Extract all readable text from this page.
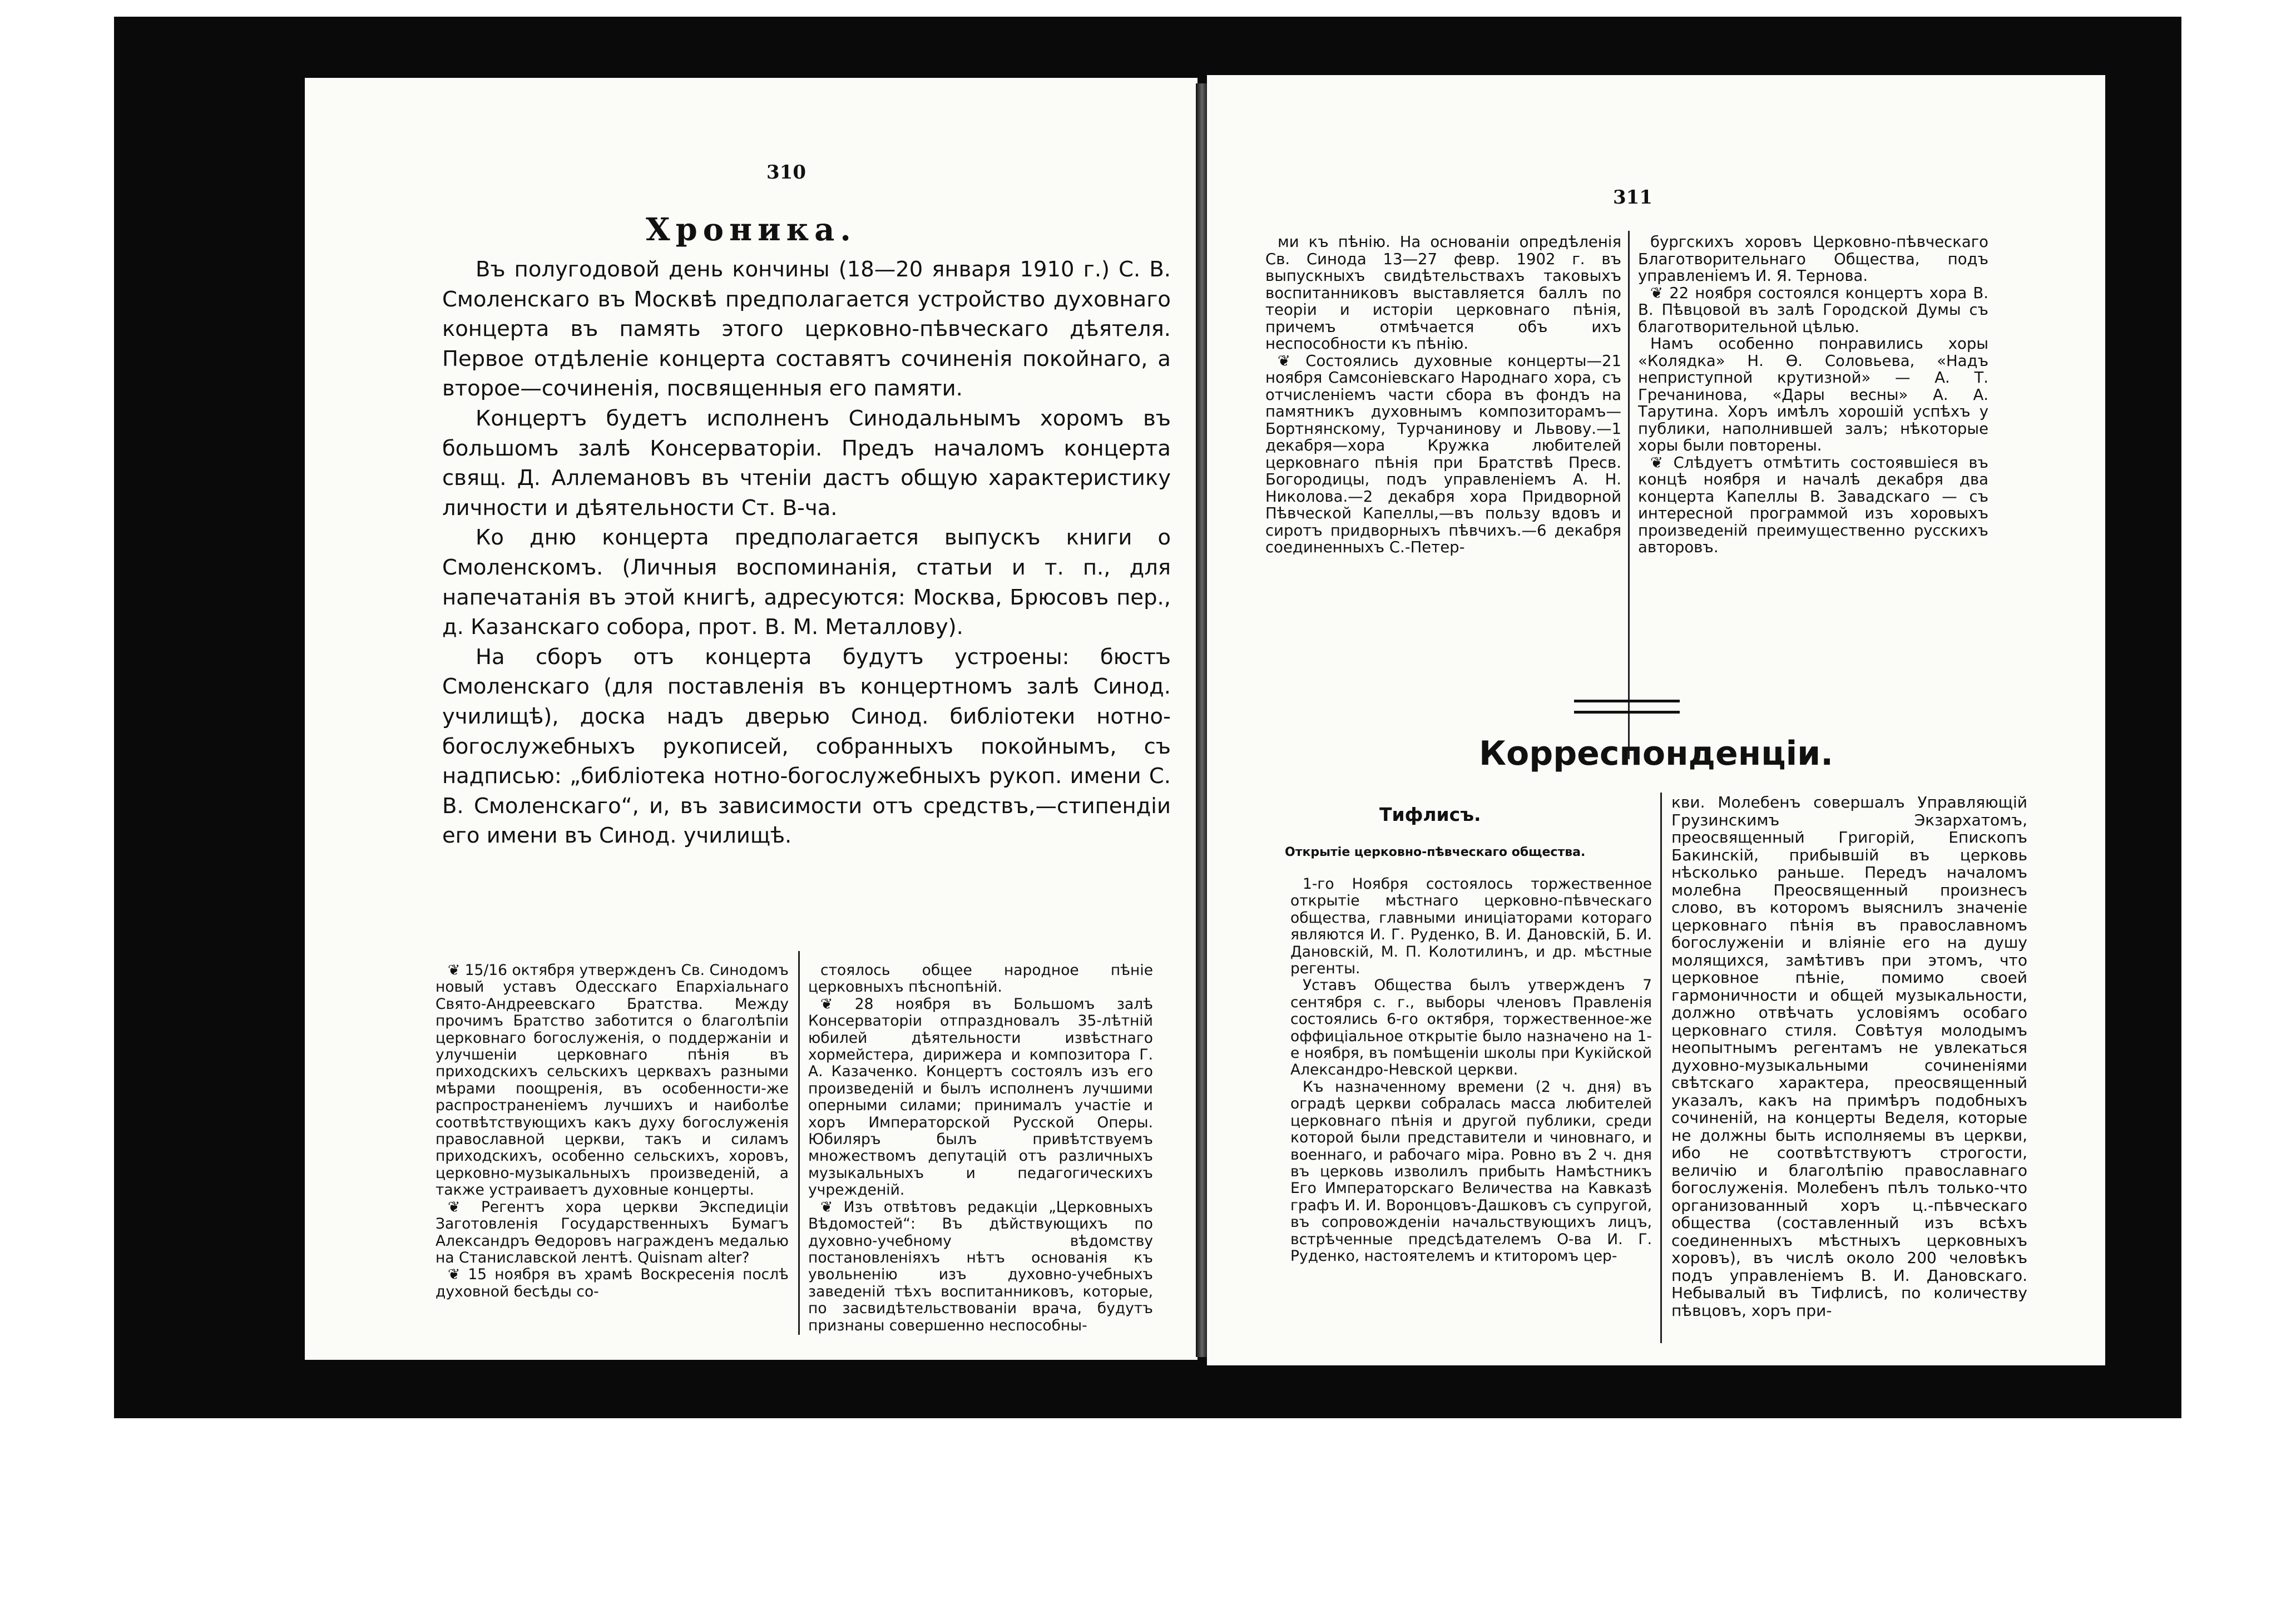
310
Хроника.

Въ полугодовой день кончины (18—20 января 1910 г.) С. В. Смоленскаго въ Москвѣ предполагается устройство духовнаго концерта въ память этого церковно-пѣвческаго дѣятеля. Первое отдѣленіе концерта составятъ сочиненія покойнаго, а второе—сочиненія, посвященныя его памяти.

Концертъ будетъ исполненъ Синодальнымъ хоромъ въ большомъ залѣ Консерваторіи. Предъ началомъ концерта свящ. Д. Аллемановъ въ чтеніи дастъ общую характеристику личности и дѣятельности Ст. В-ча.

Ко дню концерта предполагается выпускъ книги о Смоленскомъ. (Личныя воспоминанія, статьи и т. п., для напечатанія въ этой книгѣ, адресуются: Москва, Брюсовъ пер., д. Казанскаго собора, прот. В. М. Металлову).

На сборъ отъ концерта будутъ устроены: бюстъ Смоленскаго (для поставленія въ концертномъ залѣ Синод. училищѣ), доска надъ дверью Синод. библіотеки нотно-богослужебныхъ рукописей, собранныхъ покойнымъ, съ надписью: „библіотека нотно-богослужебныхъ рукоп. имени С. В. Смоленскаго“, и, въ зависимости отъ средствъ,—стипендіи его имени въ Синод. училищѣ.

❦ 15/16 октября утвержденъ Св. Синодомъ новый уставъ Одесскаго Епархіальнаго Свято-Андреевскаго Братства. Между прочимъ Братство заботится о благолѣпіи церковнаго богослуженія, о поддержаніи и улучшеніи церковнаго пѣнія въ приходскихъ сельскихъ церквахъ разными мѣрами поощренія, въ особенности-же распространеніемъ лучшихъ и наиболѣе соотвѣтствующихъ какъ духу богослуженія православной церкви, такъ и силамъ приходскихъ, особенно сельскихъ, хоровъ, церковно-музыкальныхъ произведеній, а также устраиваетъ духовные концерты.

❦ Регентъ хора церкви Экспедиціи Заготовленія Государственныхъ Бумагъ Александръ Ѳедоровъ награжденъ медалью на Станиславской лентѣ. Quisnam alter?

❦ 15 ноября въ храмѣ Воскресенія послѣ духовной бесѣды со-

стоялось общее народное пѣніе церковныхъ пѣснопѣній.

❦ 28 ноября въ Большомъ залѣ Консерваторіи отпраздновалъ 35-лѣтній юбилей дѣятельности извѣстнаго хормейстера, дирижера и композитора Г. А. Казаченко. Концертъ состоялъ изъ его произведеній и былъ исполненъ лучшими оперными силами; принималъ участіе и хоръ Императорской Русской Оперы. Юбиляръ былъ привѣтствуемъ множествомъ депутацій отъ различныхъ музыкальныхъ и педагогическихъ учрежденій.

❦ Изъ отвѣтовъ редакціи „Церковныхъ Вѣдомостей“: Въ дѣйствующихъ по духовно-учебному вѣдомству постановленіяхъ нѣтъ основанія къ увольненію изъ духовно-учебныхъ заведеній тѣхъ воспитанниковъ, которые, по засвидѣтельствованіи врача, будутъ признаны совершенно неспособны-

311

ми къ пѣнію. На основаніи опредѣленія Св. Синода 13—27 февр. 1902 г. въ выпускныхъ свидѣтельствахъ таковыхъ воспитанниковъ выставляется баллъ по теоріи и исторіи церковнаго пѣнія, причемъ отмѣчается объ ихъ неспособности къ пѣнію.

❦ Состоялись духовные концерты—21 ноября Самсоніевскаго Народнаго хора, съ отчисленіемъ части сбора въ фондъ на памятникъ духовнымъ композиторамъ—Бортнянскому, Турчанинову и Львову.—1 декабря—хора Кружка любителей церковнаго пѣнія при Братствѣ Пресв. Богородицы, подъ управленіемъ А. Н. Николова.—2 декабря хора Придворной Пѣвческой Капеллы,—въ пользу вдовъ и сиротъ придворныхъ пѣвчихъ.—6 декабря соединенныхъ С.-Петер-

бургскихъ хоровъ Церковно-пѣвческаго Благотворительнаго Общества, подъ управленіемъ И. Я. Тернова.

❦ 22 ноября состоялся концертъ хора В. В. Пѣвцовой въ залѣ Городской Думы съ благотворительной цѣлью.

Намъ особенно понравились хоры «Колядка» Н. Ѳ. Соловьева, «Надъ неприступной крутизной» — А. Т. Гречанинова, «Дары весны» А. А. Тарутина. Хоръ имѣлъ хорошій успѣхъ у публики, наполнившей залъ; нѣкоторые хоры были повторены.

❦ Слѣдуетъ отмѣтить состоявшіеся въ концѣ ноября и началѣ декабря два концерта Капеллы В. Завадскаго — съ интересной программой изъ хоровыхъ произведеній преимущественно русскихъ авторовъ.

Корреспонденціи.
Тифлисъ.
Открытіе церковно-пѣвческаго общества.

1-го Ноября состоялось торжественное открытіе мѣстнаго церковно-пѣвческаго общества, главными иниціаторами котораго являются И. Г. Руденко, В. И. Дановскій, Б. И. Дановскій, М. П. Колотилинъ, и др. мѣстные регенты.

Уставъ Общества былъ утвержденъ 7 сентября с. г., выборы членовъ Правленія состоялись 6-го октября, торжественное-же оффиціальное открытіе было назначено на 1-е ноября, въ помѣщеніи школы при Кукійской Александро-Невской церкви.

Къ назначенному времени (2 ч. дня) въ оградѣ церкви собралась масса любителей церковнаго пѣнія и другой публики, среди которой были представители и чиновнаго, и военнаго, и рабочаго міра. Ровно въ 2 ч. дня въ церковь изволилъ прибыть Намѣстникъ Его Императорскаго Величества на Кавказѣ графъ И. И. Воронцовъ-Дашковъ съ супругой, въ сопровожденіи начальствующихъ лицъ, встрѣченные предсѣдателемъ О-ва И. Г. Руденко, настоятелемъ и ктиторомъ цер-

кви. Молебенъ совершалъ Управляющій Грузинскимъ Экзархатомъ, преосвященный Григорій, Епископъ Бакинскій, прибывшій въ церковь нѣсколько раньше. Передъ началомъ молебна Преосвященный произнесъ слово, въ которомъ выяснилъ значеніе церковнаго пѣнія въ православномъ богослуженіи и вліяніе его на душу молящихся, замѣтивъ при этомъ, что церковное пѣніе, помимо своей гармоничности и общей музыкальности, должно отвѣчать условіямъ особаго церковнаго стиля. Совѣтуя молодымъ неопытнымъ регентамъ не увлекаться духовно-музыкальными сочиненіями свѣтскаго характера, преосвященный указалъ, какъ на примѣръ подобныхъ сочиненій, на концерты Веделя, которые не должны быть исполняемы въ церкви, ибо не соотвѣтствуютъ строгости, величію и благолѣпію православнаго богослуженія. Молебенъ пѣлъ только-что организованный хоръ ц.-пѣвческаго общества (составленный изъ всѣхъ соединенныхъ мѣстныхъ церковныхъ хоровъ), въ числѣ около 200 человѣкъ подъ управленіемъ В. И. Дановскаго. Небывалый въ Тифлисѣ, по количеству пѣвцовъ, хоръ при-
